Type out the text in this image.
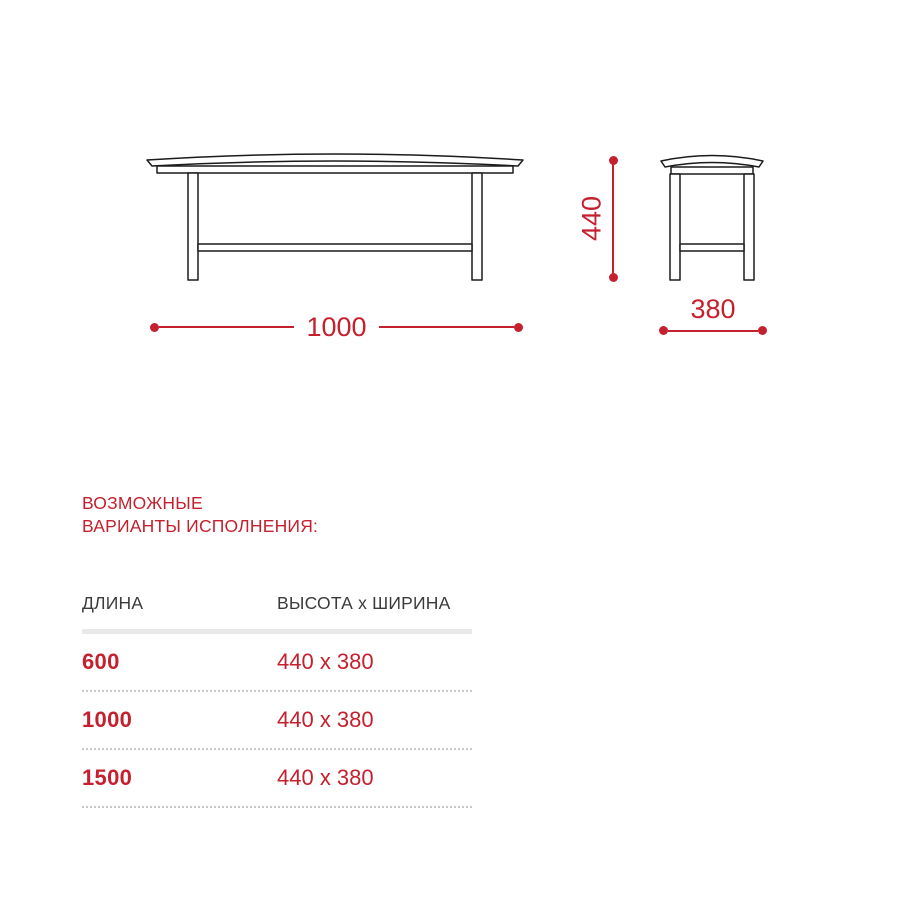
1000
440
380
ВОЗМОЖНЫЕ
ВАРИАНТЫ ИСПОЛНЕНИЯ:
ДЛИНА	ВЫСОТА х ШИРИНА
600	440 x 380
1000	440 x 380
1500	440 x 380
